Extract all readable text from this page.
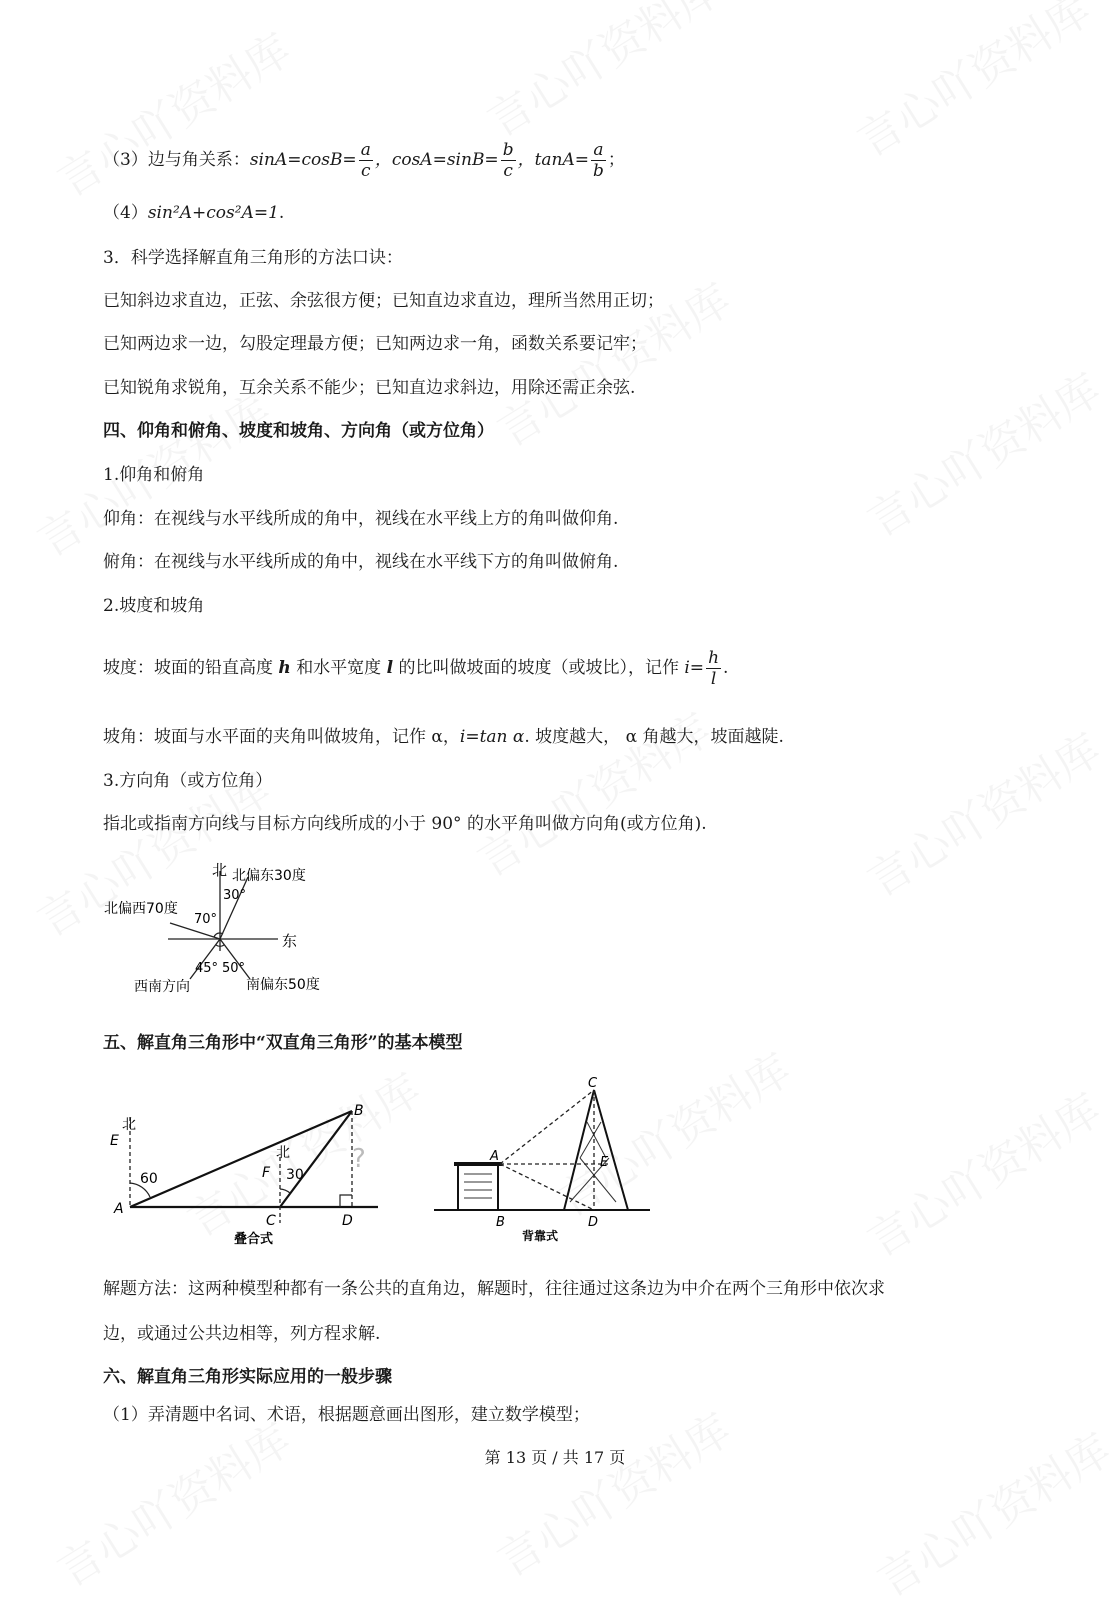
（3）边与角关系：$\sin A=\cos B= \frac{a}{c}$ ，$\cos A=\sin B= \frac{b}{c}$ ，$\tan A= \frac{a}{b}$ ；
（4）sin²A+cos²A=1.
3．科学选择解直角三角形的方法口诀：
已知斜边求直边，正弦、余弦很方便；已知直边求直边，理所当然用正切；
已知两边求一边，勾股定理最方便；已知两边求一角，函数关系要记牢；
已知锐角求锐角，互余关系不能少；已知直边求斜边，用除还需正余弦.
四、仰角和俯角、坡度和坡角、方向角（或方位角）
1.仰角和俯角
仰角：在视线与水平线所成的角中，视线在水平线上方的角叫做仰角.
俯角：在视线与水平线所成的角中，视线在水平线下方的角叫做俯角.
2.坡度和坡角
坡度：坡面的铅直高度 h 和水平宽度 l 的比叫做坡面的坡度（或坡比），记作 $i= \frac{h}{l}$ .
坡角：坡面与水平面的夹角叫做坡角，记作 α，i=tan α. 坡度越大， α 角越大，坡面越陡.
3.方向角（或方位角）
指北或指南方向线与目标方向线所成的小于 90° 的水平角叫做方向角(或方位角).
北
东
北偏东30度
北偏西70度
西南方向	南偏东50度
30°
70°
45° 50°
五、解直角三角形中“双直角三角形”的基本模型
北
北
E
A
B
C	D
F
60	30
?
叠合式
C
A	E
B	D
背靠式
解题方法：这两种模型种都有一条公共的直角边，解题时，往往通过这条边为中介在两个三角形中依次求
边，或通过公共边相等，列方程求解.
六、解直角三角形实际应用的一般步骤
（1）弄清题中名词、术语，根据题意画出图形，建立数学模型；
第 13 页 / 共 17 页
